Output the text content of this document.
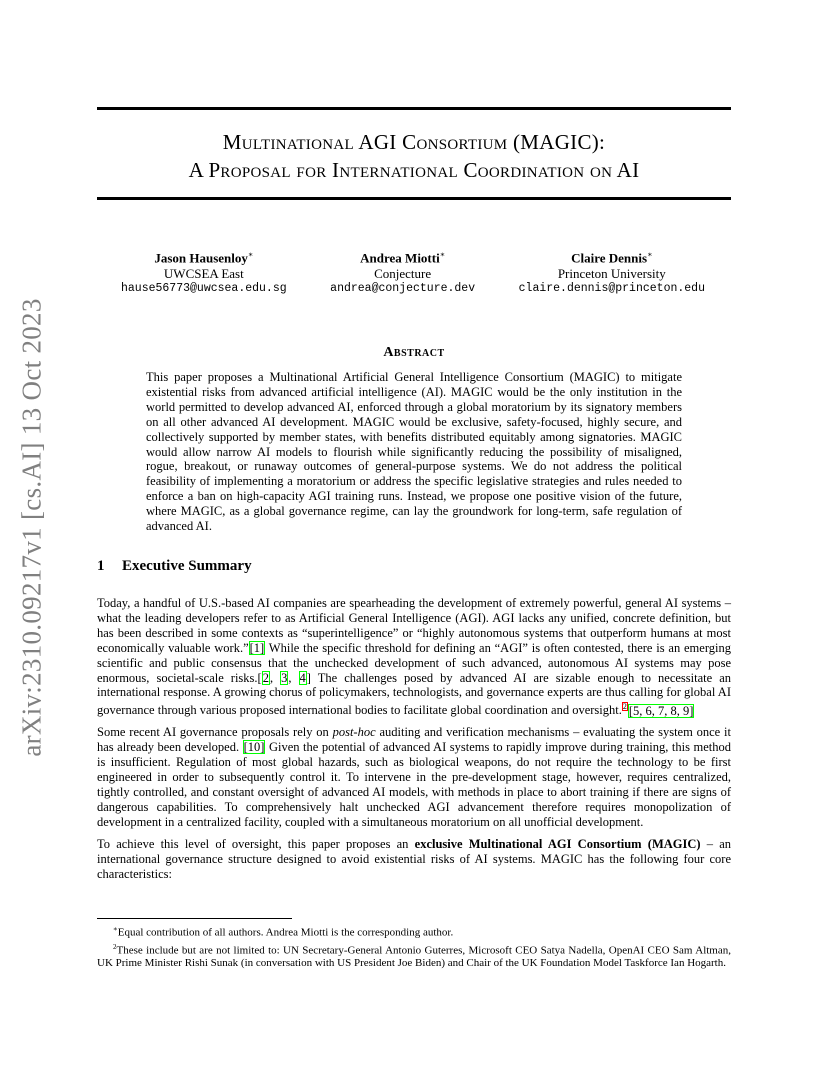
arXiv:2310.09217v1 [cs.AI] 13 Oct 2023
Multinational AGI Consortium (MAGIC):
A Proposal for International Coordination on AI
Jason Hausenloy∗
UWCSEA East
hause56773@uwcsea.edu.sg
Andrea Miotti∗
Conjecture
andrea@conjecture.dev
Claire Dennis∗
Princeton University
claire.dennis@princeton.edu
Abstract
This paper proposes a Multinational Artificial General Intelligence Consortium (MAGIC) to mitigate existential risks from advanced artificial intelligence (AI). MAGIC would be the only institution in the world permitted to develop advanced AI, enforced through a global moratorium by its signatory members on all other advanced AI development. MAGIC would be exclusive, safety-focused, highly secure, and collectively supported by member states, with benefits distributed equitably among signatories. MAGIC would allow narrow AI models to flourish while significantly reducing the possibility of misaligned, rogue, breakout, or runaway outcomes of general-purpose systems. We do not address the political feasibility of implementing a moratorium or address the specific legislative strategies and rules needed to enforce a ban on high-capacity AGI training runs. Instead, we propose one positive vision of the future, where MAGIC, as a global governance regime, can lay the groundwork for long-term, safe regulation of advanced AI.
1 Executive Summary

Today, a handful of U.S.-based AI companies are spearheading the development of extremely powerful, general AI systems – what the leading developers refer to as Artificial General Intelligence (AGI). AGI lacks any unified, concrete definition, but has been described in some contexts as “superintelligence” or “highly autonomous systems that outperform humans at most economically valuable work.”[1] While the specific threshold for defining an “AGI” is often contested, there is an emerging scientific and public consensus that the unchecked development of such advanced, autonomous AI systems may pose enormous, societal-scale risks.[2, 3, 4] The challenges posed by advanced AI are sizable enough to necessitate an international response. A growing chorus of policymakers, technologists, and governance experts are thus calling for global AI governance through various proposed international bodies to facilitate global coordination and oversight.$^2$ [5, 6, 7, 8, 9]

Some recent AI governance proposals rely on post-hoc auditing and verification mechanisms – evaluating the system once it has already been developed. [10] Given the potential of advanced AI systems to rapidly improve during training, this method is insufficient. Regulation of most global hazards, such as biological weapons, do not require the technology to be first engineered in order to subsequently control it. To intervene in the pre-development stage, however, requires centralized, tightly controlled, and constant oversight of advanced AI models, with methods in place to abort training if there are signs of dangerous capabilities. To comprehensively halt unchecked AGI advancement therefore requires monopolization of development in a centralized facility, coupled with a simultaneous moratorium on all unofficial development.

To achieve this level of oversight, this paper proposes an exclusive Multinational AGI Consortium (MAGIC) – an international governance structure designed to avoid existential risks of AI systems. MAGIC has the following four core characteristics:

∗Equal contribution of all authors. Andrea Miotti is the corresponding author.
$^2$These include but are not limited to: UN Secretary-General Antonio Guterres, Microsoft CEO Satya Nadella, OpenAI CEO Sam Altman, UK Prime Minister Rishi Sunak (in conversation with US President Joe Biden) and Chair of the UK Foundation Model Taskforce Ian Hogarth.
